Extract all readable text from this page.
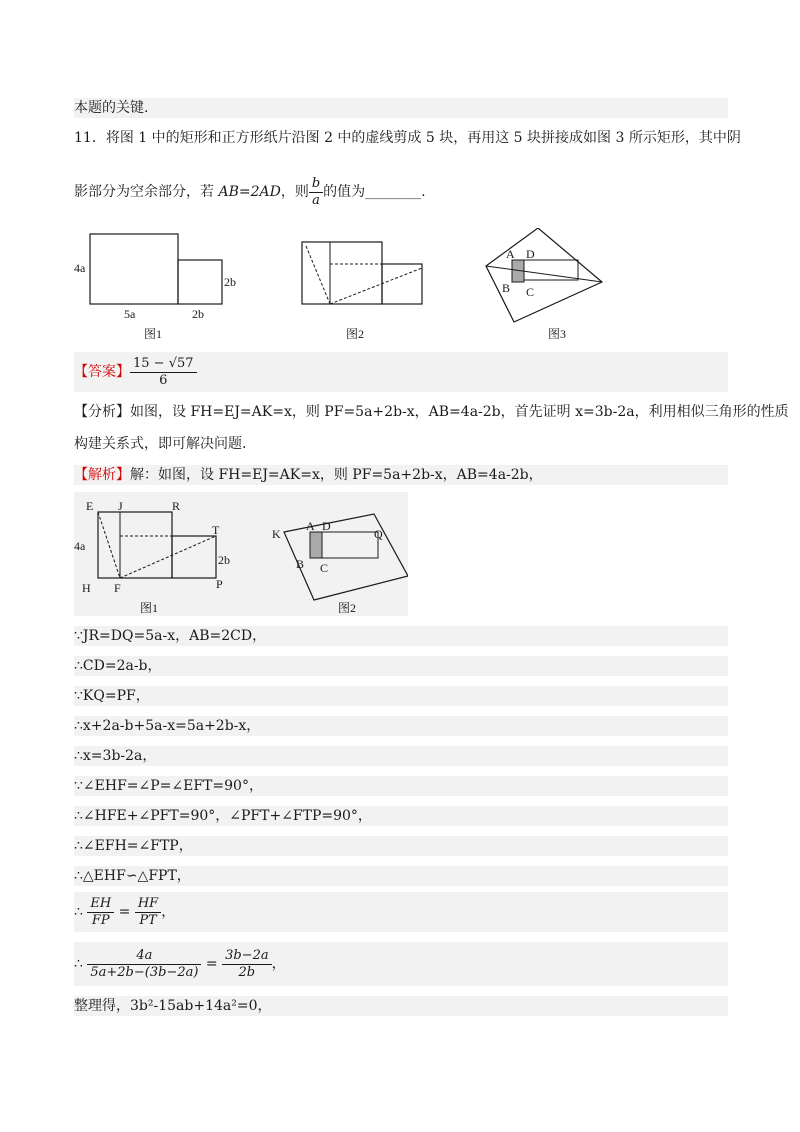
本题的关键.
11．将图 1 中的矩形和正方形纸片沿图 2 中的虚线剪成 5 块，再用这 5 块拼接成如图 3 所示矩形，其中阴
影部分为空余部分，若 AB=2AD，则 $\frac{b}{a}$ 的值为________.
4a
2b
5a	2b
图1	图2
A D
B C
图3
【答案】 $\frac{15 - √57}{6}$
【分析】如图，设 FH=EJ=AK=x，则 PF=5a+2b-x，AB=4a-2b，首先证明 x=3b-2a，利用相似三角形的性质
构建关系式，即可解决问题.
【解析】解：如图，设 FH=EJ=AK=x，则 PF=5a+2b-x，AB=4a-2b，
E J	R
T
4a
2b
H F	P
图1
K
A D
Q
B C
图2
∵JR=DQ=5a-x，AB=2CD，
∴CD=2a-b，
∵KQ=PF，
∴x+2a-b+5a-x=5a+2b-x，
∴x=3b-2a，
∵∠EHF=∠P=∠EFT=90°，
∴∠HFE+∠PFT=90°，∠PFT+∠FTP=90°，
∴∠EFH=∠FTP，
∴△EHF∽△FPT，
∴ $\frac{EH}{FP} = \frac{HF}{PT}$ ，
∴ $\frac{4a}{5a+2b-(3b-2a)} = \frac{3b-2a}{2b}$ ，
整理得，3b²-15ab+14a²=0，
